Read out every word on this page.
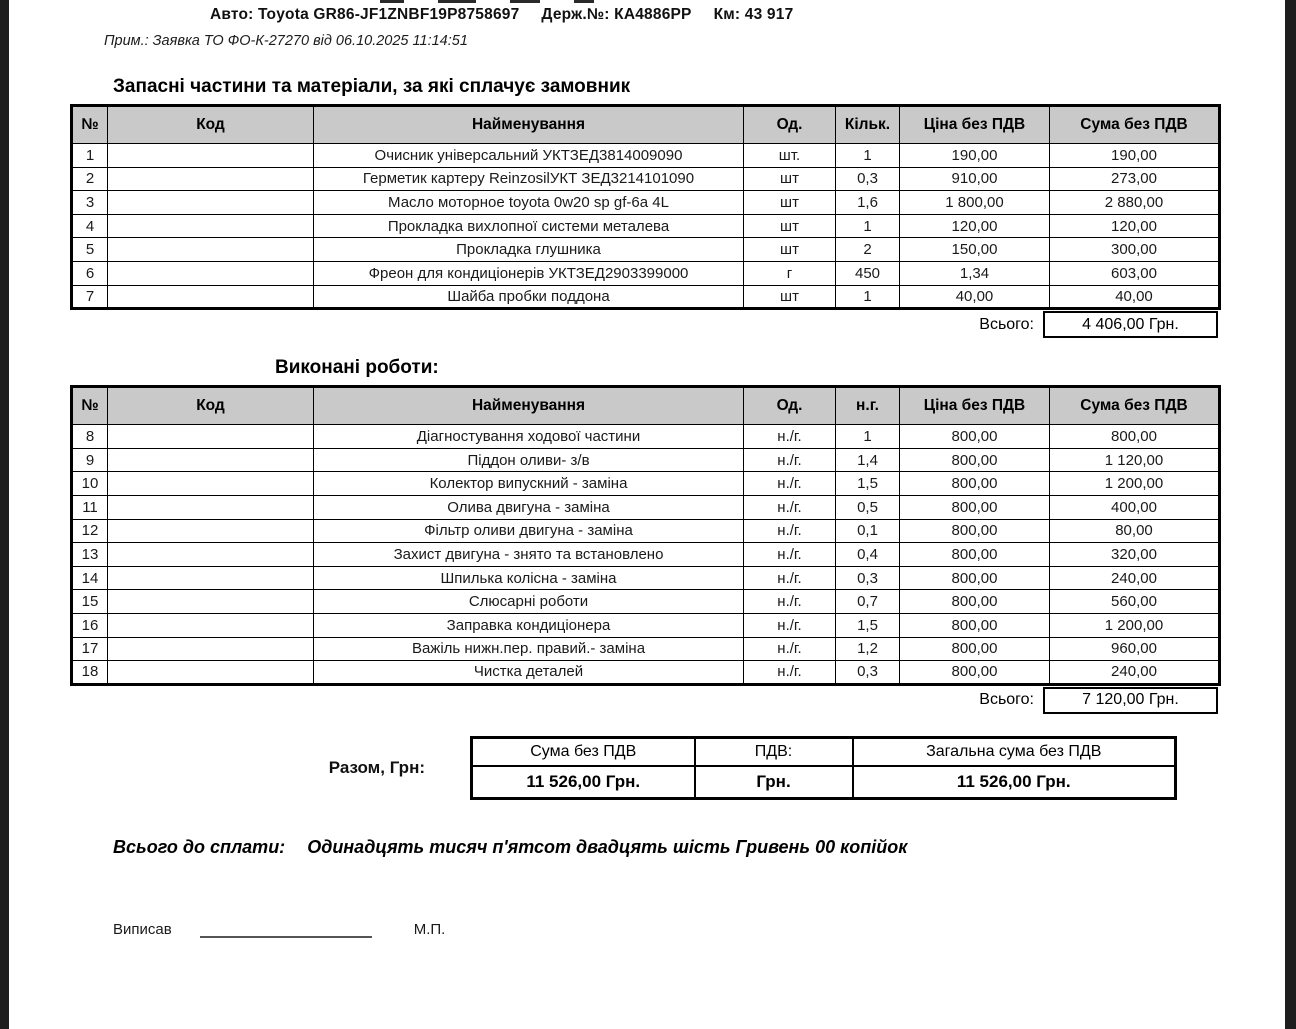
Авто: Toyota GR86-JF1ZNBF19P8758697 Держ.№: КА4886РР Км: 43 917
Прим.: Заявка ТО ФО-К-27270 від 06.10.2025 11:14:51
Запасні частини та матеріали, за які сплачує замовник
№	Код	Найменування	Од.	Кільк.	Ціна без ПДВ	Сума без ПДВ
1		Очисник універсальний УКТЗЕД3814009090	шт.	1	190,00	190,00
2		Герметик картеру ReinzosilУКТ ЗЕД3214101090	шт	0,3	910,00	273,00
3		Масло моторное toyota 0w20 sp gf-6a 4L	шт	1,6	1 800,00	2 880,00
4		Прокладка вихлопної системи металева	шт	1	120,00	120,00
5		Прокладка глушника	шт	2	150,00	300,00
6		Фреон для кондиціонерів УКТЗЕД2903399000	г	450	1,34	603,00
7		Шайба пробки поддона	шт	1	40,00	40,00
Всього:	4 406,00 Грн.
Виконані роботи:
№	Код	Найменування	Од.	н.г.	Ціна без ПДВ	Сума без ПДВ
8		Діагностування ходової частини	н./г.	1	800,00	800,00
9		Піддон оливи- з/в	н./г.	1,4	800,00	1 120,00
10		Колектор випускний - заміна	н./г.	1,5	800,00	1 200,00
11		Олива двигуна - заміна	н./г.	0,5	800,00	400,00
12		Фільтр оливи двигуна - заміна	н./г.	0,1	800,00	80,00
13		Захист двигуна - знято та встановлено	н./г.	0,4	800,00	320,00
14		Шпилька колісна - заміна	н./г.	0,3	800,00	240,00
15		Слюсарні роботи	н./г.	0,7	800,00	560,00
16		Заправка кондиціонера	н./г.	1,5	800,00	1 200,00
17		Важіль нижн.пер. правий.- заміна	н./г.	1,2	800,00	960,00
18		Чистка деталей	н./г.	0,3	800,00	240,00
Всього:	7 120,00 Грн.
Разом, Грн:
Сума без ПДВ	ПДВ:	Загальна сума без ПДВ
11 526,00 Грн.	Грн.	11 526,00 Грн.
Всього до сплати: Одинадцять тисяч п'ятсот двадцять шість Гривень 00 копійок
Виписав	М.П.
